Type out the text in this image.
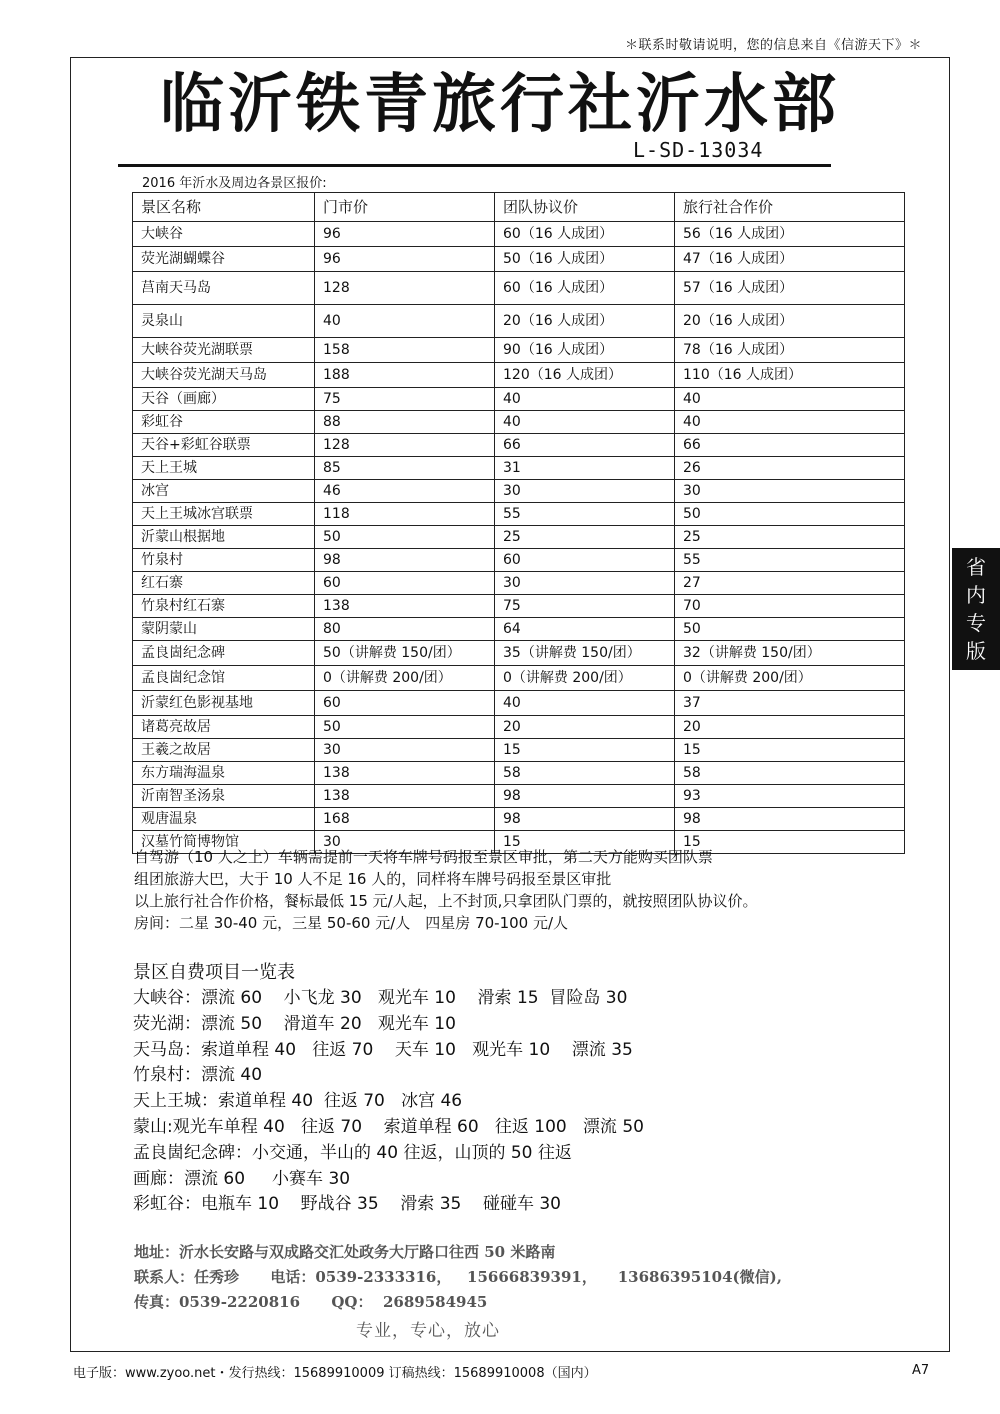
＊联系时敬请说明，您的信息来自《信游天下》＊
临沂铁青旅行社沂水部
L-SD-13034
2016 年沂水及周边各景区报价:
景区名称	门市价	团队协议价	旅行社合作价
大峡谷	96	60（16 人成团）	56（16 人成团）
荧光湖蝴蝶谷	96	50（16 人成团）	47（16 人成团）
莒南天马岛	128	60（16 人成团）	57（16 人成团）
灵泉山	40	20（16 人成团）	20（16 人成团）
大峡谷荧光湖联票	158	90（16 人成团）	78（16 人成团）
大峡谷荧光湖天马岛	188	120（16 人成团）	110（16 人成团）
天谷（画廊）	75	40	40
彩虹谷	88	40	40
天谷+彩虹谷联票	128	66	66
天上王城	85	31	26
冰宫	46	30	30
天上王城冰宫联票	118	55	50
沂蒙山根据地	50	25	25
竹泉村	98	60	55
红石寨	60	30	27
竹泉村红石寨	138	75	70
蒙阴蒙山	80	64	50
孟良崮纪念碑	50（讲解费 150/团）	35（讲解费 150/团）	32（讲解费 150/团）
孟良崮纪念馆	0（讲解费 200/团）	0（讲解费 200/团）	0（讲解费 200/团）
沂蒙红色影视基地	60	40	37
诸葛亮故居	50	20	20
王羲之故居	30	15	15
东方瑞海温泉	138	58	58
沂南智圣汤泉	138	98	93
观唐温泉	168	98	98
汉墓竹简博物馆	30	15	15

自驾游（10 人之上）车辆需提前一天将车牌号码报至景区审批，第二天方能购买团队票

组团旅游大巴，大于 10 人不足 16 人的，同样将车牌号码报至景区审批

以上旅行社合作价格，餐标最低 15 元/人起，上不封顶,只拿团队门票的，就按照团队协议价。

房间：二星 30-40 元，三星 50-60 元/人　四星房 70-100 元/人

景区自费项目一览表

大峡谷：漂流 60    小飞龙 30   观光车 10    滑索 15  冒险岛 30

荧光湖：漂流 50    滑道车 20   观光车 10

天马岛：索道单程 40   往返 70    天车 10   观光车 10    漂流 35

竹泉村：漂流 40

天上王城：索道单程 40  往返 70   冰宫 46

蒙山:观光车单程 40   往返 70    索道单程 60   往返 100   漂流 50

孟良崮纪念碑：小交通，半山的 40 往返，山顶的 50 往返

画廊：漂流 60     小赛车 30

彩虹谷：电瓶车 10    野战谷 35    滑索 35    碰碰车 30

地址：沂水长安路与双成路交汇处政务大厅路口往西 50 米路南

联系人：任秀珍      电话：0539-2333316，   15666839391，    13686395104(微信),

传真：0539-2220816      QQ：  2689584945

专业，专心，放心
省
内
专
版
电子版：www.zyoo.net・发行热线：15689910009 订稿热线：15689910008（国内）	A7
